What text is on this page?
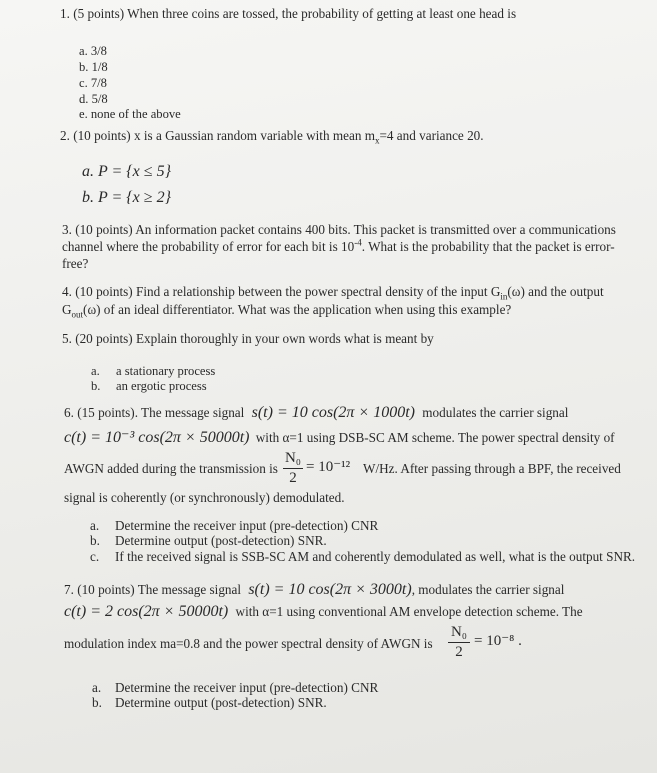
1. (5 points) When three coins are tossed, the probability of getting at least one head is
a. 3/8
b. 1/8
c. 7/8
d. 5/8
e. none of the above
2. (10 points) x is a Gaussian random variable with mean $m_x=4$ and variance 20.
a. P = {x ≤ 5}
b. P = {x ≥ 2}
3. (10 points) An information packet contains 400 bits. This packet is transmitted over a communications
channel where the probability of error for each bit is $10^{-4}$. What is the probability that the packet is error-
free?
4. (10 points) Find a relationship between the power spectral density of the input $G_{in}(\omega)$ and the output
$G_{out}(\omega)$ of an ideal differentiator. What was the application when using this example?
5. (20 points) Explain thoroughly in your own words what is meant by
a. a stationary process
b. an ergotic process
6. (15 points). The message signal s(t) = 10 cos(2π × 1000t) modulates the carrier signal
c(t) = 10⁻³ cos(2π × 50000t) with α=1 using DSB-SC AM scheme. The power spectral density of
AWGN added during the transmission is
N₀
2
= 10⁻¹² W/Hz. After passing through a BPF, the received
signal is coherently (or synchronously) demodulated.
a. Determine the receiver input (pre-detection) CNR
b. Determine output (post-detection) SNR.
c. If the received signal is SSB-SC AM and coherently demodulated as well, what is the output SNR.
7. (10 points) The message signal s(t) = 10 cos(2π × 3000t), modulates the carrier signal
c(t) = 2 cos(2π × 50000t) with α=1 using conventional AM envelope detection scheme. The
modulation index ma=0.8 and the power spectral density of AWGN is
N₀
2
= 10⁻⁸ .
a. Determine the receiver input (pre-detection) CNR
b. Determine output (post-detection) SNR.
